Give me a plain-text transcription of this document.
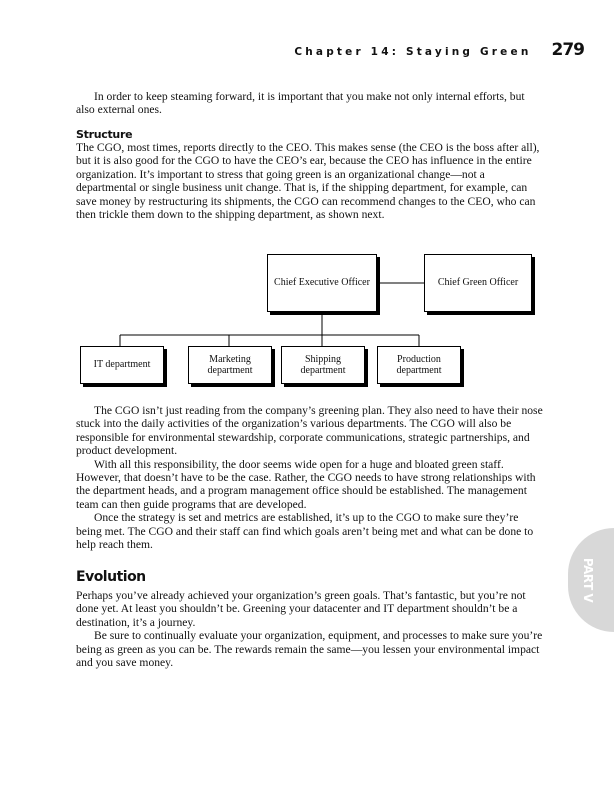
Chapter 14: Staying Green 279

In order to keep steaming forward, it is important that you make not only internal efforts, but also external ones.

Structure

The CGO, most times, reports directly to the CEO. This makes sense (the CEO is the boss after all), but it is also good for the CGO to have the CEO’s ear, because the CEO has influence in the entire organization. It’s important to stress that going green is an organizational change—not a departmental or single business unit change. That is, if the shipping department, for example, can save money by restructuring its shipments, the CGO can recommend changes to the CEO, who can then trickle them down to the shipping department, as shown next.

Chief Executive Officer	Chief Green Officer
IT department
Marketing department
Shipping department
Production department

The CGO isn’t just reading from the company’s greening plan. They also need to have their nose stuck into the daily activities of the organization’s various departments. The CGO will also be responsible for environmental stewardship, corporate communications, strategic partnerships, and product development.

With all this responsibility, the door seems wide open for a huge and bloated green staff. However, that doesn’t have to be the case. Rather, the CGO needs to have strong relationships with the department heads, and a program management office should be established. The management team can then guide programs that are developed.

Once the strategy is set and metrics are established, it’s up to the CGO to make sure they’re being met. The CGO and their staff can find which goals aren’t being met and what can be done to help reach them.

Evolution

Perhaps you’ve already achieved your organization’s green goals. That’s fantastic, but you’re not done yet. At least you shouldn’t be. Greening your datacenter and IT department shouldn’t be a destination, it’s a journey.

Be sure to continually evaluate your organization, equipment, and processes to make sure you’re being as green as you can be. The rewards remain the same—you lessen your environmental impact and you save money.

PART V
